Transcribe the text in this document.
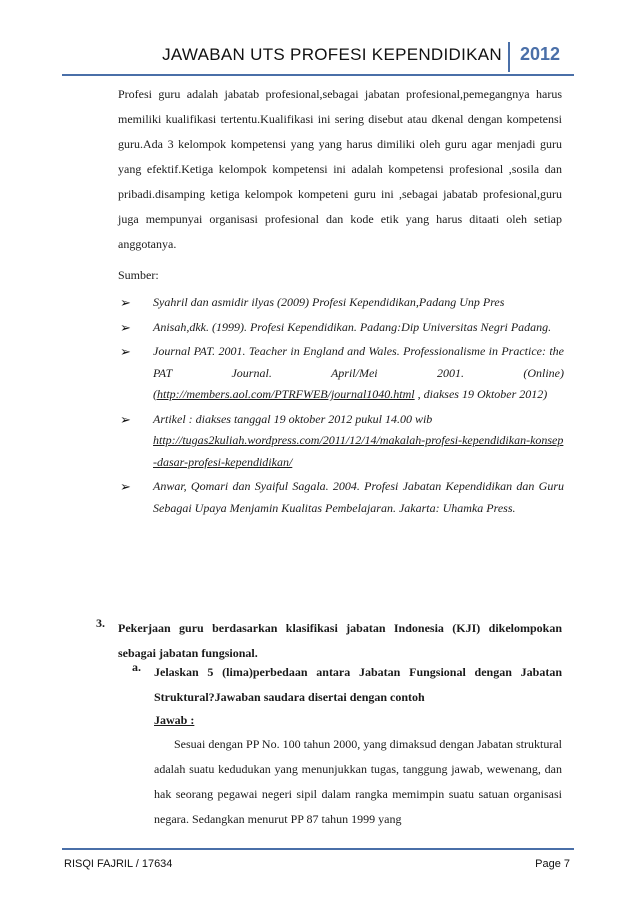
JAWABAN UTS PROFESI KEPENDIDIKAN 2012
Profesi guru adalah jabatab profesional,sebagai jabatan profesional,pemegangnya harus memiliki kualifikasi tertentu.Kualifikasi ini sering disebut atau dkenal dengan kompetensi guru.Ada 3 kelompok kompetensi yang yang harus dimiliki oleh guru agar menjadi guru yang efektif.Ketiga kelompok kompetensi ini adalah kompetensi profesional ,sosila dan pribadi.disamping ketiga kelompok kompeteni guru ini ,sebagai jabatab profesional,guru juga mempunyai organisasi profesional dan kode etik yang harus ditaati oleh setiap anggotanya.
Sumber:
➢ Syahril dan asmidir ilyas (2009) Profesi Kependidikan,Padang Unp Pres
➢ Anisah,dkk. (1999). Profesi Kependidikan. Padang:Dip Universitas Negri Padang.
➢ Journal PAT. 2001. Teacher in England and Wales. Professionalisme in Practice: the PAT Journal. April/Mei 2001. (Online) (http://members.aol.com/PTRFWEB/journal1040.html , diakses 19 Oktober 2012)
➢ Artikel : diakses tanggal 19 oktober 2012 pukul 14.00 wib
http://tugas2kuliah.wordpress.com/2011/12/14/makalah-profesi-kependidikan-konsep-dasar-profesi-kependidikan/
➢ Anwar, Qomari dan Syaiful Sagala. 2004. Profesi Jabatan Kependidikan dan Guru Sebagai Upaya Menjamin Kualitas Pembelajaran. Jakarta: Uhamka Press.
3. Pekerjaan guru berdasarkan klasifikasi jabatan Indonesia (KJI) dikelompokan sebagai jabatan fungsional.
a. Jelaskan 5 (lima)perbedaan antara Jabatan Fungsional dengan Jabatan Struktural?Jawaban saudara disertai dengan contoh
Jawab :
Sesuai dengan PP No. 100 tahun 2000, yang dimaksud dengan Jabatan struktural adalah suatu kedudukan yang menunjukkan tugas, tanggung jawab, wewenang, dan hak seorang pegawai negeri sipil dalam rangka memimpin suatu satuan organisasi negara. Sedangkan menurut PP 87 tahun 1999 yang
RISQI FAJRIL / 17634	Page 7
